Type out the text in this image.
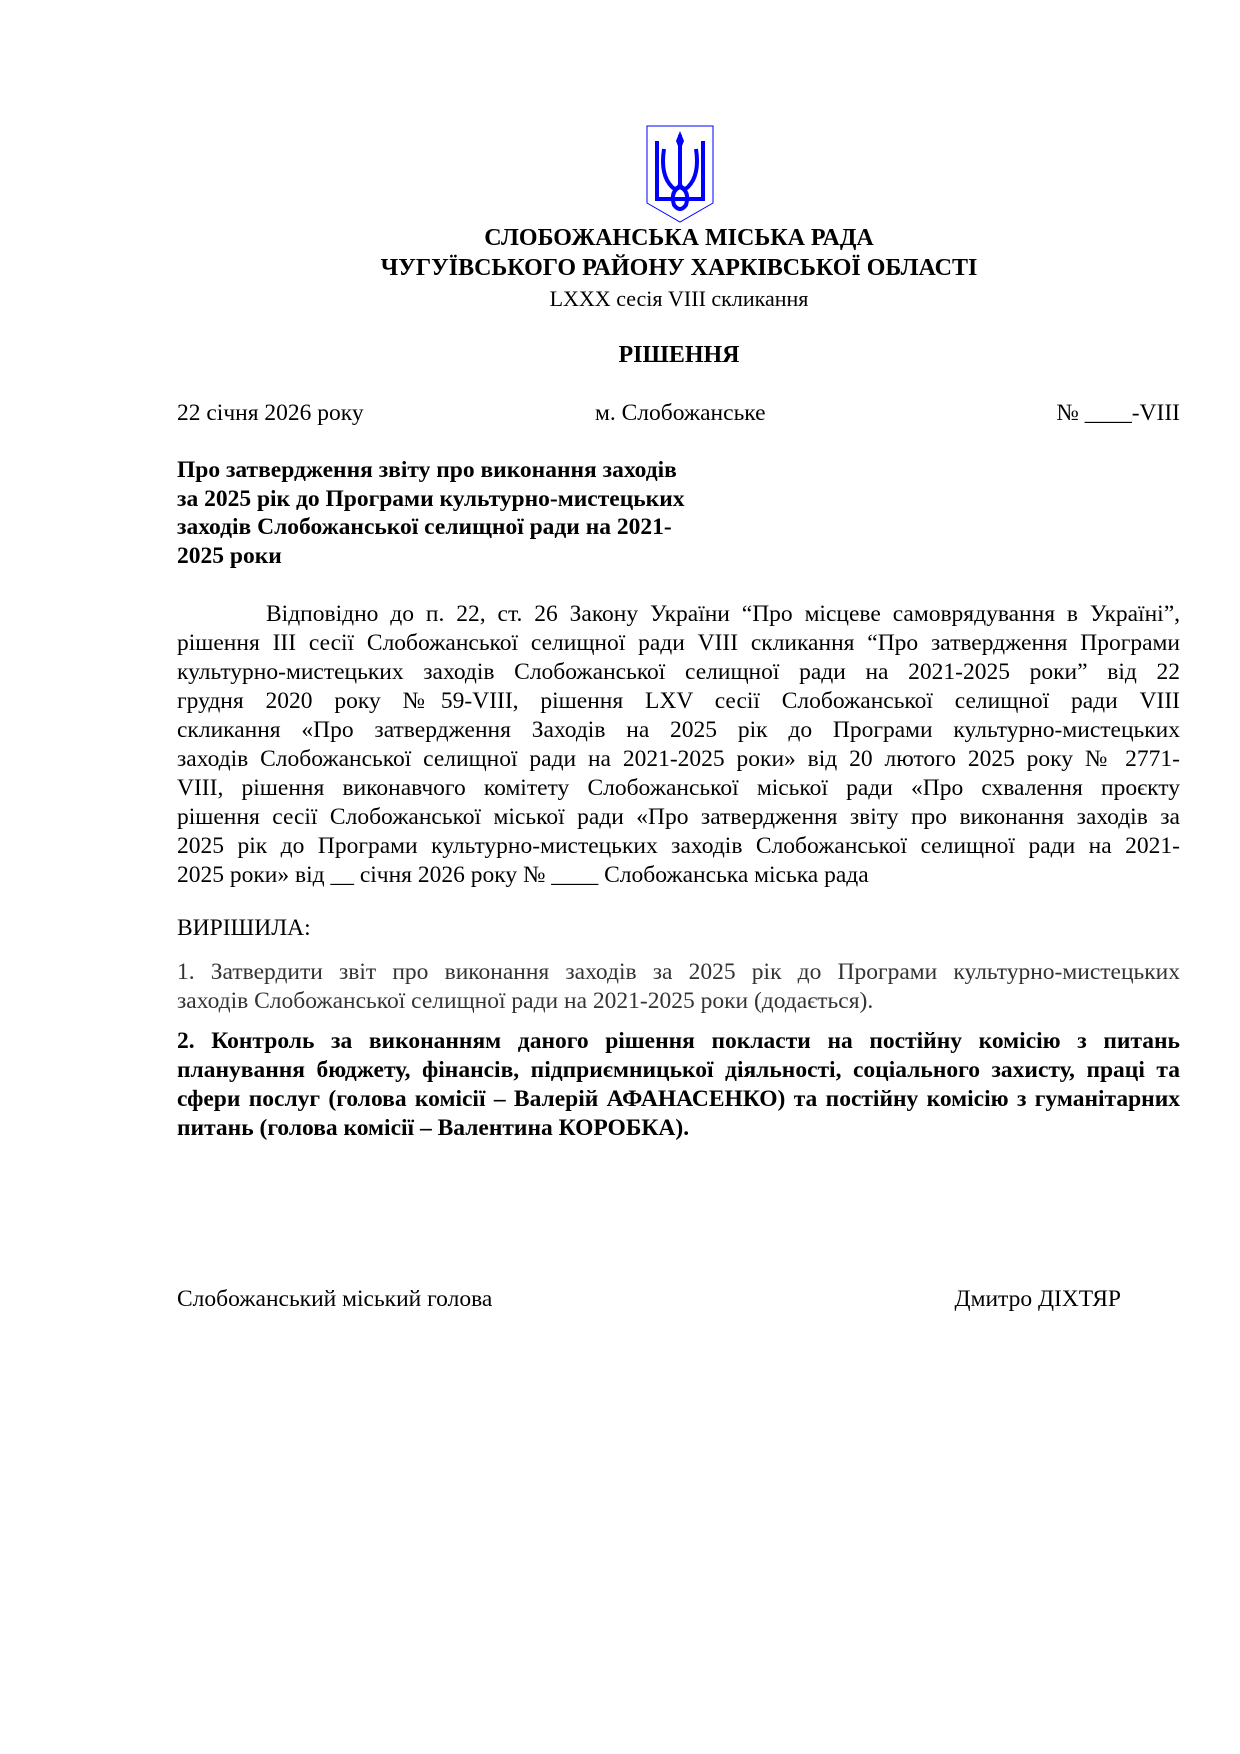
СЛОБОЖАНСЬКА МІСЬКА РАДА
ЧУГУЇВСЬКОГО РАЙОНУ ХАРКІВСЬКОЇ ОБЛАСТІ
LXXX сесія VIII скликання
РІШЕННЯ
22 січня 2026 року	м. Слобожанське	№ ____-VIII
Про затвердження звіту про виконання заходів
за 2025 рік до Програми культурно-мистецьких
заходів Слобожанської селищної ради на 2021-
2025 роки
Відповідно до п. 22, ст. 26 Закону України “Про місцеве самоврядування в Україні”,
рішення ІІІ сесії Слобожанської селищної ради VIІІ скликання “Про затвердження Програми
культурно-мистецьких заходів Слобожанської селищної ради на 2021-2025 роки” від 22
грудня 2020 року №59-VIІІ, рішення LXV сесії Слобожанської селищної ради VIII
скликання «Про затвердження Заходів на 2025 рік до Програми культурно-мистецьких
заходів Слобожанської селищної ради на 2021-2025 роки» від 20 лютого 2025 року № 2771-
VIII, рішення виконавчого комітету Слобожанської міської ради «Про схвалення проєкту
рішення сесії Слобожанської міської ради «Про затвердження звіту про виконання заходів за
2025 рік до Програми культурно-мистецьких заходів Слобожанської селищної ради на 2021-
2025 роки» від __ січня 2026 року № ____ Слобожанська міська рада
ВИРІШИЛА:
1. Затвердити звіт про виконання заходів за 2025 рік до Програми культурно-мистецьких
заходів Слобожанської селищної ради на 2021-2025 роки (додається).
2. Контроль за виконанням даного рішення покласти на постійну комісію з питань
планування бюджету, фінансів, підприємницької діяльності, соціального захисту, праці та
сфери послуг (голова комісії – Валерій АФАНАСЕНКО) та постійну комісію з гуманітарних
питань (голова комісії – Валентина КОРОБКА).
Слобожанський міський голова	Дмитро ДІХТЯР
